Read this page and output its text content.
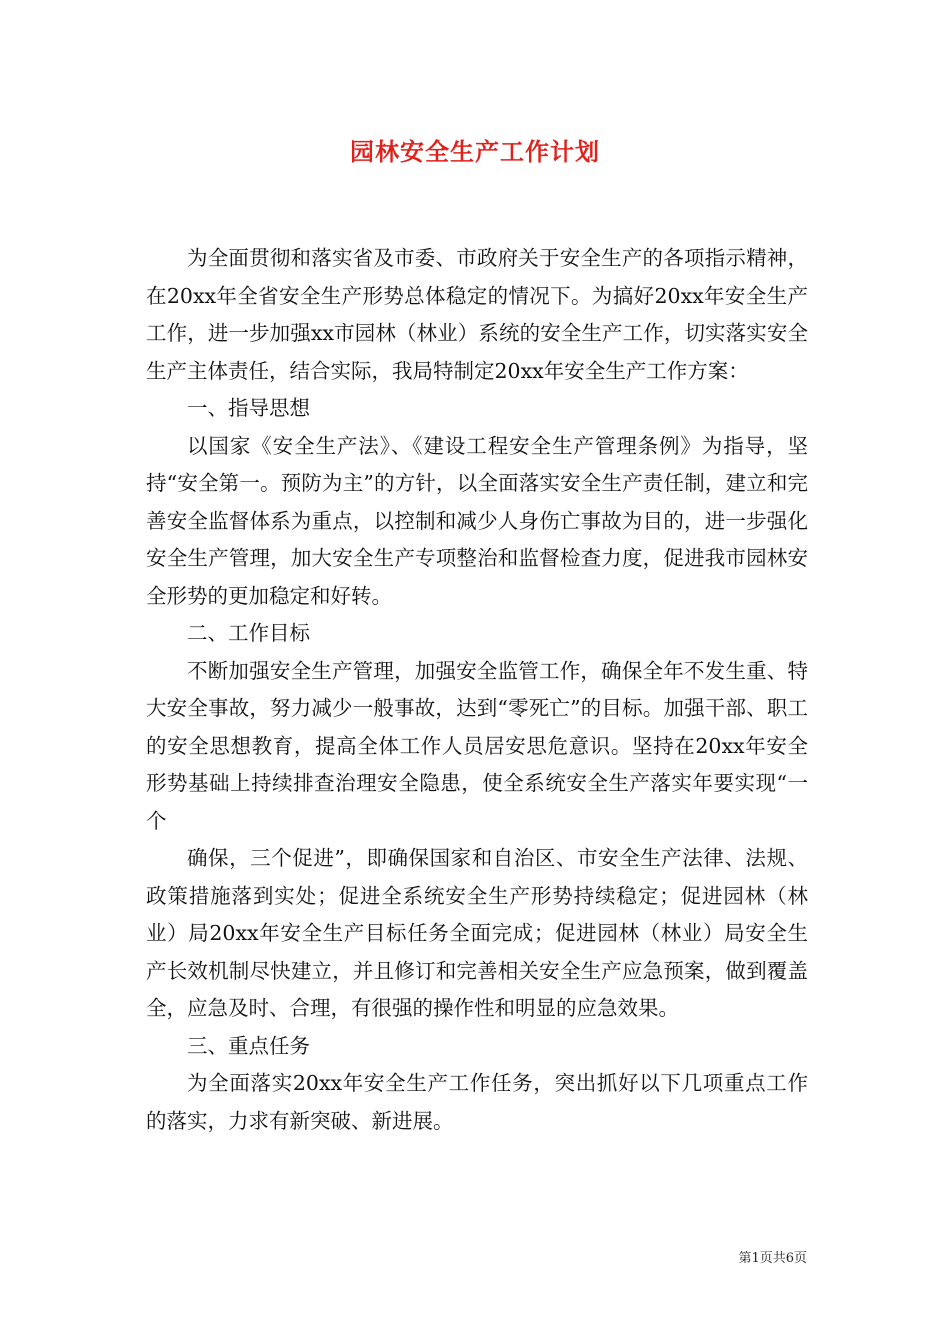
园林安全生产工作计划

为全面贯彻和落实省及市委、市政府关于安全生产的各项指示精神，在20xx年全省安全生产形势总体稳定的情况下。为搞好20xx年安全生产工作，进一步加强xx市园林（林业）系统的安全生产工作，切实落实安全生产主体责任，结合实际，我局特制定20xx年安全生产工作方案：

一、指导思想

以国家《安全生产法》、《建设工程安全生产管理条例》为指导，坚持“安全第一。预防为主”的方针，以全面落实安全生产责任制，建立和完善安全监督体系为重点，以控制和减少人身伤亡事故为目的，进一步强化安全生产管理，加大安全生产专项整治和监督检查力度，促进我市园林安全形势的更加稳定和好转。

二、工作目标

不断加强安全生产管理，加强安全监管工作，确保全年不发生重、特大安全事故，努力减少一般事故，达到“零死亡”的目标。加强干部、职工的安全思想教育，提高全体工作人员居安思危意识。坚持在20xx年安全形势基础上持续排查治理安全隐患，使全系统安全生产落实年要实现“一个

确保，三个促进”，即确保国家和自治区、市安全生产法律、法规、政策措施落到实处；促进全系统安全生产形势持续稳定；促进园林（林业）局20xx年安全生产目标任务全面完成；促进园林（林业）局安全生产长效机制尽快建立，并且修订和完善相关安全生产应急预案，做到覆盖全，应急及时、合理，有很强的操作性和明显的应急效果。

三、重点任务

为全面落实20xx年安全生产工作任务，突出抓好以下几项重点工作的落实，力求有新突破、新进展。

第1页共6页
